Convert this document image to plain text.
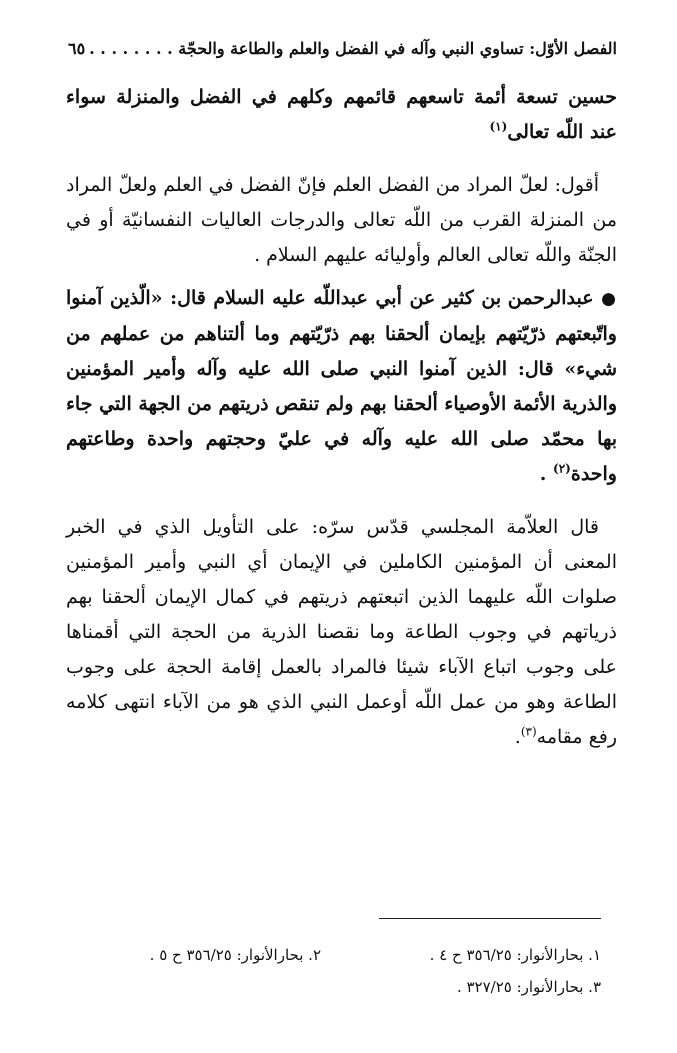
الفصل الأوّل: تساوي النبي وآله في الفضل والعلم والطاعة والحجّة . . . . . . . .
٦٥

حسين تسعة أئمة تاسعهم قائمهم وكلهم في الفضل والمنزلة سواء عند اللّه تعالى$^{(١)}$

أقول: لعلّ المراد من الفضل العلم فإنّ الفضل في العلم ولعلّ المراد من المنزلة القرب من اللّه تعالى والدرجات العاليات النفسانيّة أو في الجنّة واللّه تعالى العالم وأوليائه عليهم السلام .

● عبدالرحمن بن كثير عن أبي عبداللّه عليه السلام قال: «الّذين آمنوا واتّبعتهم ذرّيّتهم بإيمان ألحقنا بهم ذرّيّتهم وما ألتناهم من عملهم من شيء» قال: الذين آمنوا النبي صلى الله عليه وآله وأمير المؤمنين والذرية الأئمة الأوصياء ألحقنا بهم ولم تنقص ذريتهم من الجهة التي جاء بها محمّد صلى الله عليه وآله في عليّ وحجتهم واحدة وطاعتهم واحدة$^{(٢)}$ .

قال العلاّمة المجلسي قدّس سرّه: على التأويل الذي في الخبر المعنى أن المؤمنين الكاملين في الإيمان أي النبي وأمير المؤمنين صلوات اللّه عليهما الذين اتبعتهم ذريتهم في كمال الإيمان ألحقنا بهم ذرياتهم في وجوب الطاعة وما نقصنا الذرية من الحجة التي أقمناها على وجوب اتباع الآباء شيئا فالمراد بالعمل إقامة الحجة على وجوب الطاعة وهو من عمل اللّه أوعمل النبي الذي هو من الآباء انتهى كلامه رفع مقامه$^{(٣)}$.

١. بحارالأنوار: ٣٥٦/٢٥ ح ٤ .
٢. بحارالأنوار: ٣٥٦/٢٥ ح ٥ .
٣. بحارالأنوار: ٣٢٧/٢٥ .
